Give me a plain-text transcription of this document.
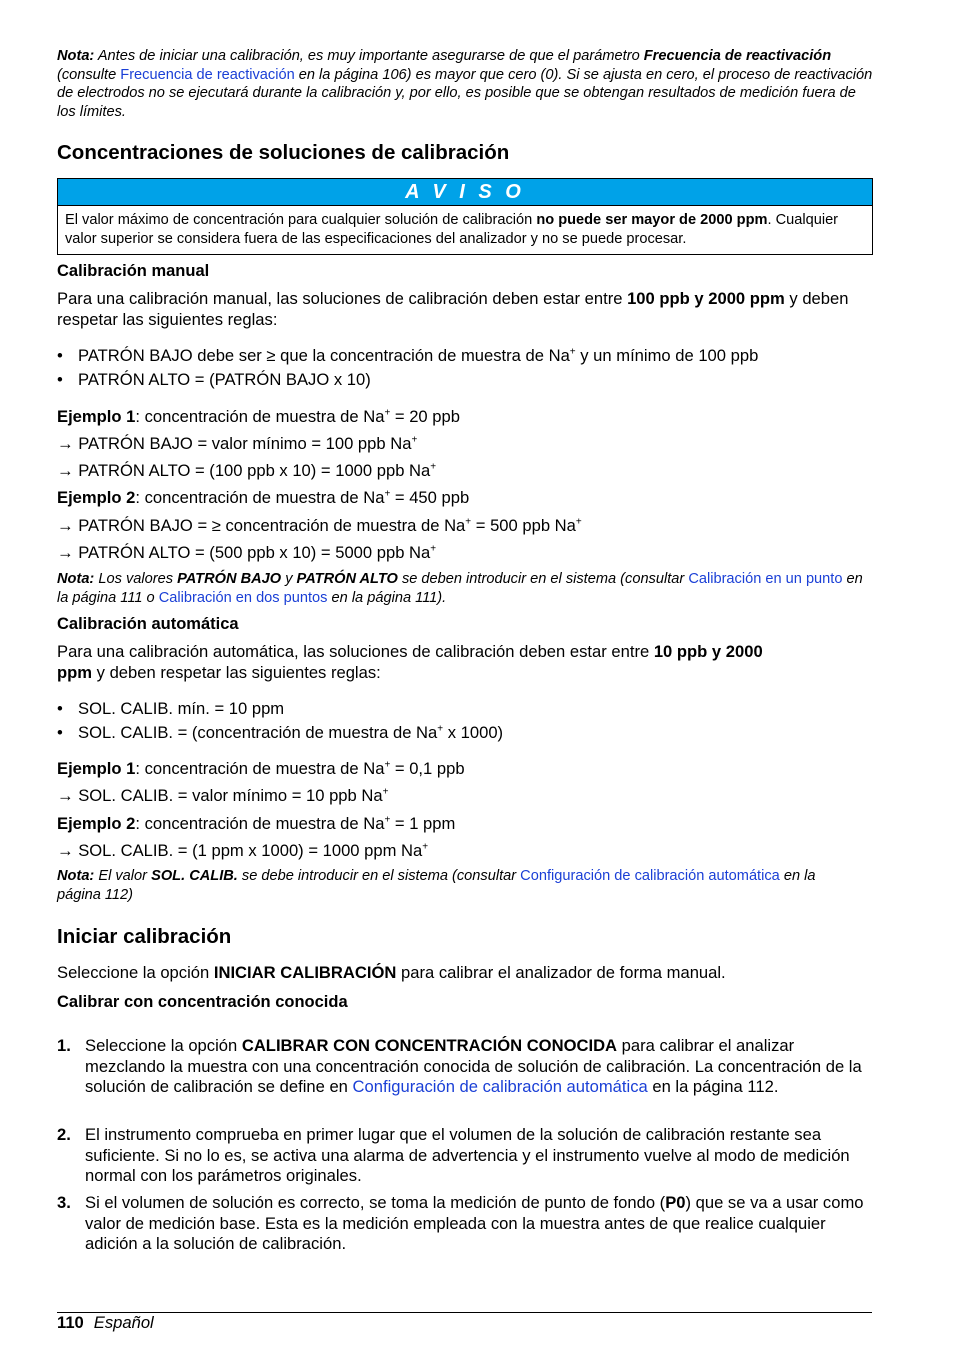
Nota: Antes de iniciar una calibración, es muy importante asegurarse de que el parámetro Frecuencia de reactivación (consulte Frecuencia de reactivación en la página 106) es mayor que cero (0). Si se ajusta en cero, el proceso de reactivación de electrodos no se ejecutará durante la calibración y, por ello, es posible que se obtengan resultados de medición fuera de los límites.
Concentraciones de soluciones de calibración
A V I S O
El valor máximo de concentración para cualquier solución de calibración no puede ser mayor de 2000 ppm. Cualquier valor superior se considera fuera de las especificaciones del analizador y no se puede procesar.
Calibración manual
Para una calibración manual, las soluciones de calibración deben estar entre 100 ppb y 2000 ppm y deben respetar las siguientes reglas:
• PATRÓN BAJO debe ser ≥ que la concentración de muestra de Na+ y un mínimo de 100 ppb
• PATRÓN ALTO = (PATRÓN BAJO x 10)
Ejemplo 1: concentración de muestra de Na+ = 20 ppb
→ PATRÓN BAJO = valor mínimo = 100 ppb Na+
→ PATRÓN ALTO = (100 ppb x 10) = 1000 ppb Na+
Ejemplo 2: concentración de muestra de Na+ = 450 ppb
→ PATRÓN BAJO = ≥ concentración de muestra de Na+ = 500 ppb Na+
→ PATRÓN ALTO = (500 ppb x 10) = 5000 ppb Na+
Nota: Los valores PATRÓN BAJO y PATRÓN ALTO se deben introducir en el sistema (consultar Calibración en un punto en la página 111 o Calibración en dos puntos en la página 111).
Calibración automática
Para una calibración automática, las soluciones de calibración deben estar entre 10 ppb y 2000 ppm y deben respetar las siguientes reglas:
• SOL. CALIB. mín. = 10 ppm
• SOL. CALIB. = (concentración de muestra de Na+ x 1000)
Ejemplo 1: concentración de muestra de Na+ = 0,1 ppb
→ SOL. CALIB. = valor mínimo = 10 ppb Na+
Ejemplo 2: concentración de muestra de Na+ = 1 ppm
→ SOL. CALIB. = (1 ppm x 1000) = 1000 ppm Na+
Nota: El valor SOL. CALIB. se debe introducir en el sistema (consultar Configuración de calibración automática en la página 112)
Iniciar calibración
Seleccione la opción INICIAR CALIBRACIÓN para calibrar el analizador de forma manual.
Calibrar con concentración conocida
1. Seleccione la opción CALIBRAR CON CONCENTRACIÓN CONOCIDA para calibrar el analizar mezclando la muestra con una concentración conocida de solución de calibración. La concentración de la solución de calibración se define en Configuración de calibración automática en la página 112.
2. El instrumento comprueba en primer lugar que el volumen de la solución de calibración restante sea suficiente. Si no lo es, se activa una alarma de advertencia y el instrumento vuelve al modo de medición normal con los parámetros originales.
3. Si el volumen de solución es correcto, se toma la medición de punto de fondo (P0) que se va a usar como valor de medición base. Esta es la medición empleada con la muestra antes de que realice cualquier adición a la solución de calibración.
110 Español
